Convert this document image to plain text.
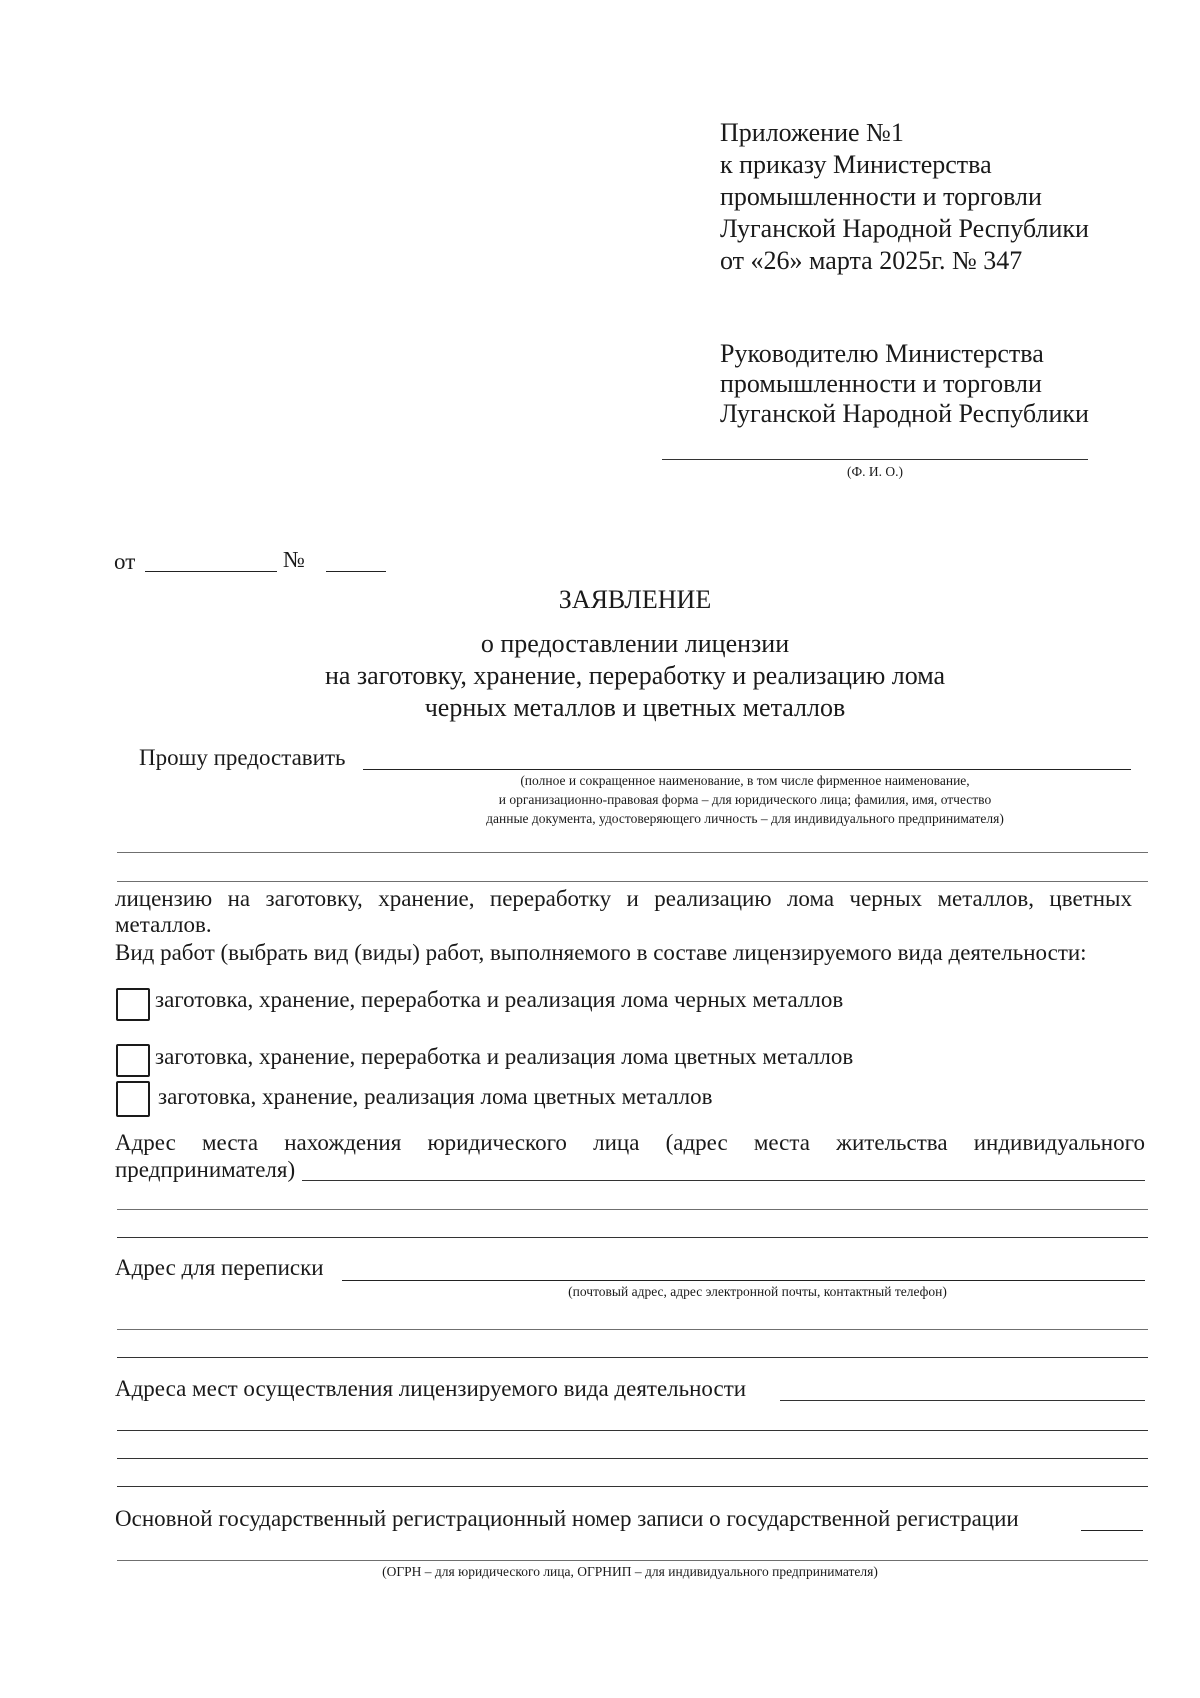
Приложение №1
к приказу Министерства
промышленности и торговли
Луганской Народной Республики
от «26» марта 2025г. № 347
Руководителю Министерства
промышленности и торговли
Луганской Народной Республики
(Ф. И. О.)
от	№
ЗАЯВЛЕНИЕ
о предоставлении лицензии
на заготовку, хранение, переработку и реализацию лома
черных металлов и цветных металлов
Прошу предоставить
(полное и сокращенное наименование, в том числе фирменное наименование,
и организационно-правовая форма – для юридического лица; фамилия, имя, отчество
данные документа, удостоверяющего личность – для индивидуального предпринимателя)
лицензию на заготовку, хранение, переработку и реализацию лома черных металлов, цветных
металлов.
Вид работ (выбрать вид (виды) работ, выполняемого в составе лицензируемого вида деятельности:
заготовка, хранение, переработка и реализация лома черных металлов
заготовка, хранение, переработка и реализация лома цветных металлов
заготовка, хранение, реализация лома цветных металлов
Адрес места нахождения юридического лица (адрес места жительства индивидуального
предпринимателя)
Адрес для переписки
(почтовый адрес, адрес электронной почты, контактный телефон)
Адреса мест осуществления лицензируемого вида деятельности
Основной государственный регистрационный номер записи о государственной регистрации
(ОГРН – для юридического лица, ОГРНИП – для индивидуального предпринимателя)
